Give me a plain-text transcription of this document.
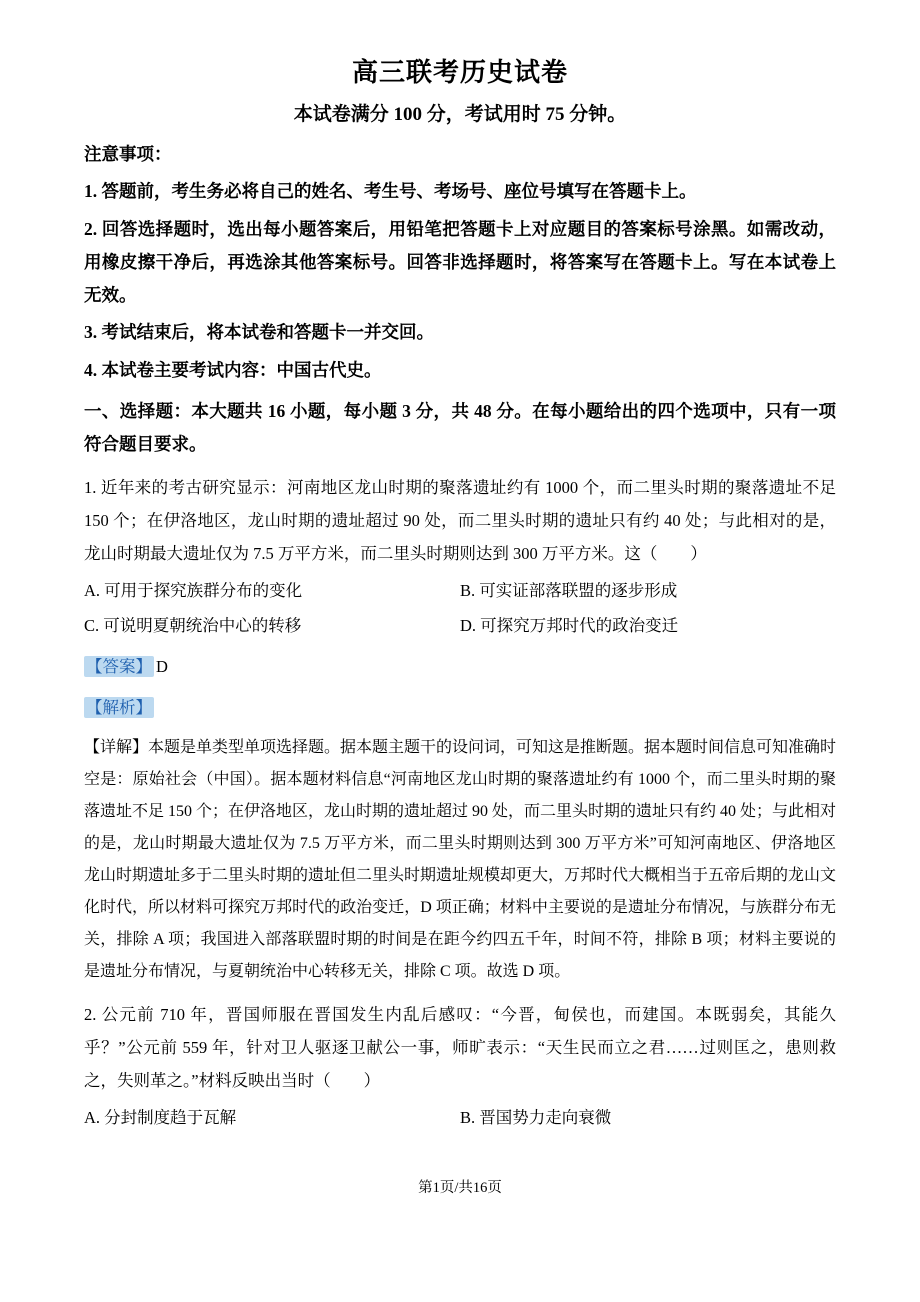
高三联考历史试卷
本试卷满分 100 分，考试用时 75 分钟。

注意事项：

1. 答题前，考生务必将自己的姓名、考生号、考场号、座位号填写在答题卡上。

2. 回答选择题时，选出每小题答案后，用铅笔把答题卡上对应题目的答案标号涂黑。如需改动，用橡皮擦干净后，再选涂其他答案标号。回答非选择题时，将答案写在答题卡上。写在本试卷上无效。

3. 考试结束后，将本试卷和答题卡一并交回。

4. 本试卷主要考试内容：中国古代史。

一、选择题：本大题共 16 小题，每小题 3 分，共 48 分。在每小题给出的四个选项中，只有一项符合题目要求。

1. 近年来的考古研究显示：河南地区龙山时期的聚落遗址约有 1000 个，而二里头时期的聚落遗址不足 150 个；在伊洛地区，龙山时期的遗址超过 90 处，而二里头时期的遗址只有约 40 处；与此相对的是，龙山时期最大遗址仅为 7.5 万平方米，而二里头时期则达到 300 万平方米。这（　　）

A. 可用于探究族群分布的变化	B. 可实证部落联盟的逐步形成
C. 可说明夏朝统治中心的转移	D. 可探究万邦时代的政治变迁

【答案】 D

【解析】

【详解】本题是单类型单项选择题。据本题主题干的设问词，可知这是推断题。据本题时间信息可知准确时空是：原始社会（中国）。据本题材料信息“河南地区龙山时期的聚落遗址约有 1000 个，而二里头时期的聚落遗址不足 150 个；在伊洛地区，龙山时期的遗址超过 90 处，而二里头时期的遗址只有约 40 处；与此相对的是，龙山时期最大遗址仅为 7.5 万平方米，而二里头时期则达到 300 万平方米”可知河南地区、伊洛地区龙山时期遗址多于二里头时期的遗址但二里头时期遗址规模却更大，万邦时代大概相当于五帝后期的龙山文化时代，所以材料可探究万邦时代的政治变迁，D 项正确；材料中主要说的是遗址分布情况，与族群分布无关，排除 A 项；我国进入部落联盟时期的时间是在距今约四五千年，时间不符，排除 B 项；材料主要说的是遗址分布情况，与夏朝统治中心转移无关，排除 C 项。故选 D 项。

2. 公元前 710 年，晋国师服在晋国发生内乱后感叹：“今晋，甸侯也，而建国。本既弱矣，其能久乎？”公元前 559 年，针对卫人驱逐卫献公一事，师旷表示：“天生民而立之君……过则匡之，患则救之，失则革之。”材料反映出当时（　　）

A. 分封制度趋于瓦解	B. 晋国势力走向衰微
第1页/共16页
